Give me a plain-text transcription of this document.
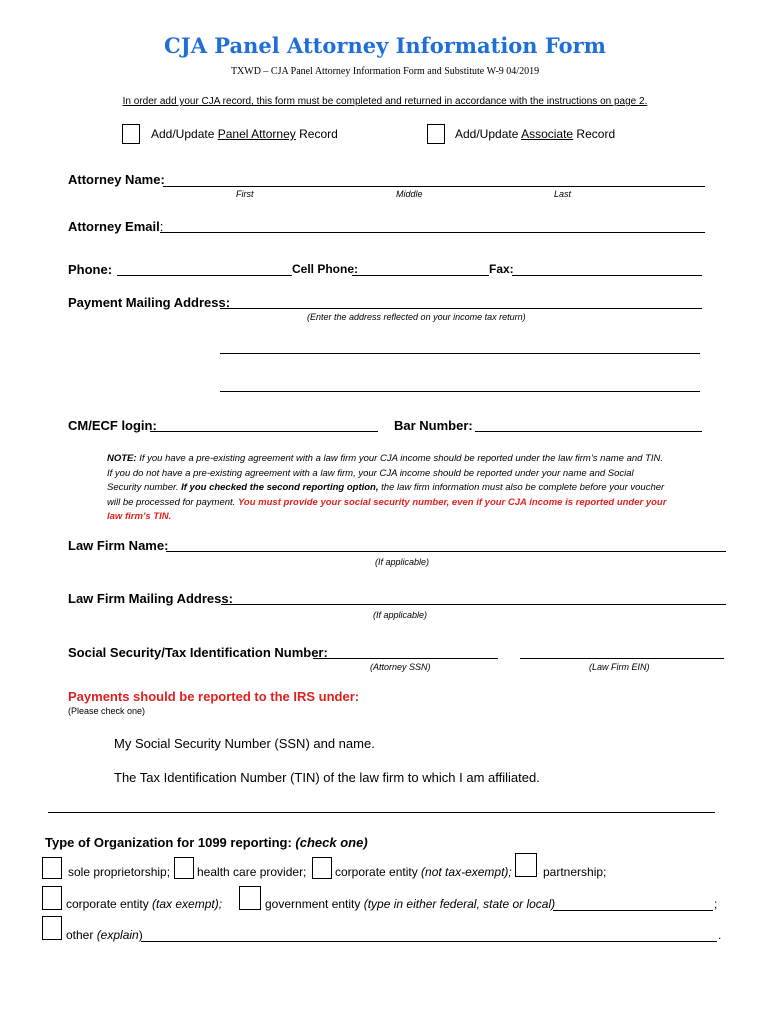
CJA Panel Attorney Information Form
TXWD – CJA Panel Attorney Information Form and Substitute W-9 04/2019
In order add your CJA record, this form must be completed and returned in accordance with the instructions on page 2.
Add/Update Panel Attorney Record	Add/Update Associate Record
Attorney Name:
First	Middle	Last
Attorney Email:
Phone:	Cell Phone:	Fax:
Payment Mailing Address:
(Enter the address reflected on your income tax return)
CM/ECF login:	Bar Number:
NOTE: If you have a pre-existing agreement with a law firm your CJA income should be reported under the law firm’s name and TIN. If you do not have a pre-existing agreement with a law firm, your CJA income should be reported under your name and Social Security number. If you checked the second reporting option, the law firm information must also be complete before your voucher will be processed for payment. You must provide your social security number, even if your CJA income is reported under your law firm’s TIN.
Law Firm Name:
(If applicable)
Law Firm Mailing Address:
(If applicable)
Social Security/Tax Identification Number:
(Attorney SSN)	(Law Firm EIN)
Payments should be reported to the IRS under:
(Please check one)
My Social Security Number (SSN) and name.
The Tax Identification Number (TIN) of the law firm to which I am affiliated.
Type of Organization for 1099 reporting: (check one)
sole proprietorship; health care provider; corporate entity (not tax-exempt);	partnership;
corporate entity (tax exempt);	government entity (type in either federal, state or local)	;
other (explain)	.
